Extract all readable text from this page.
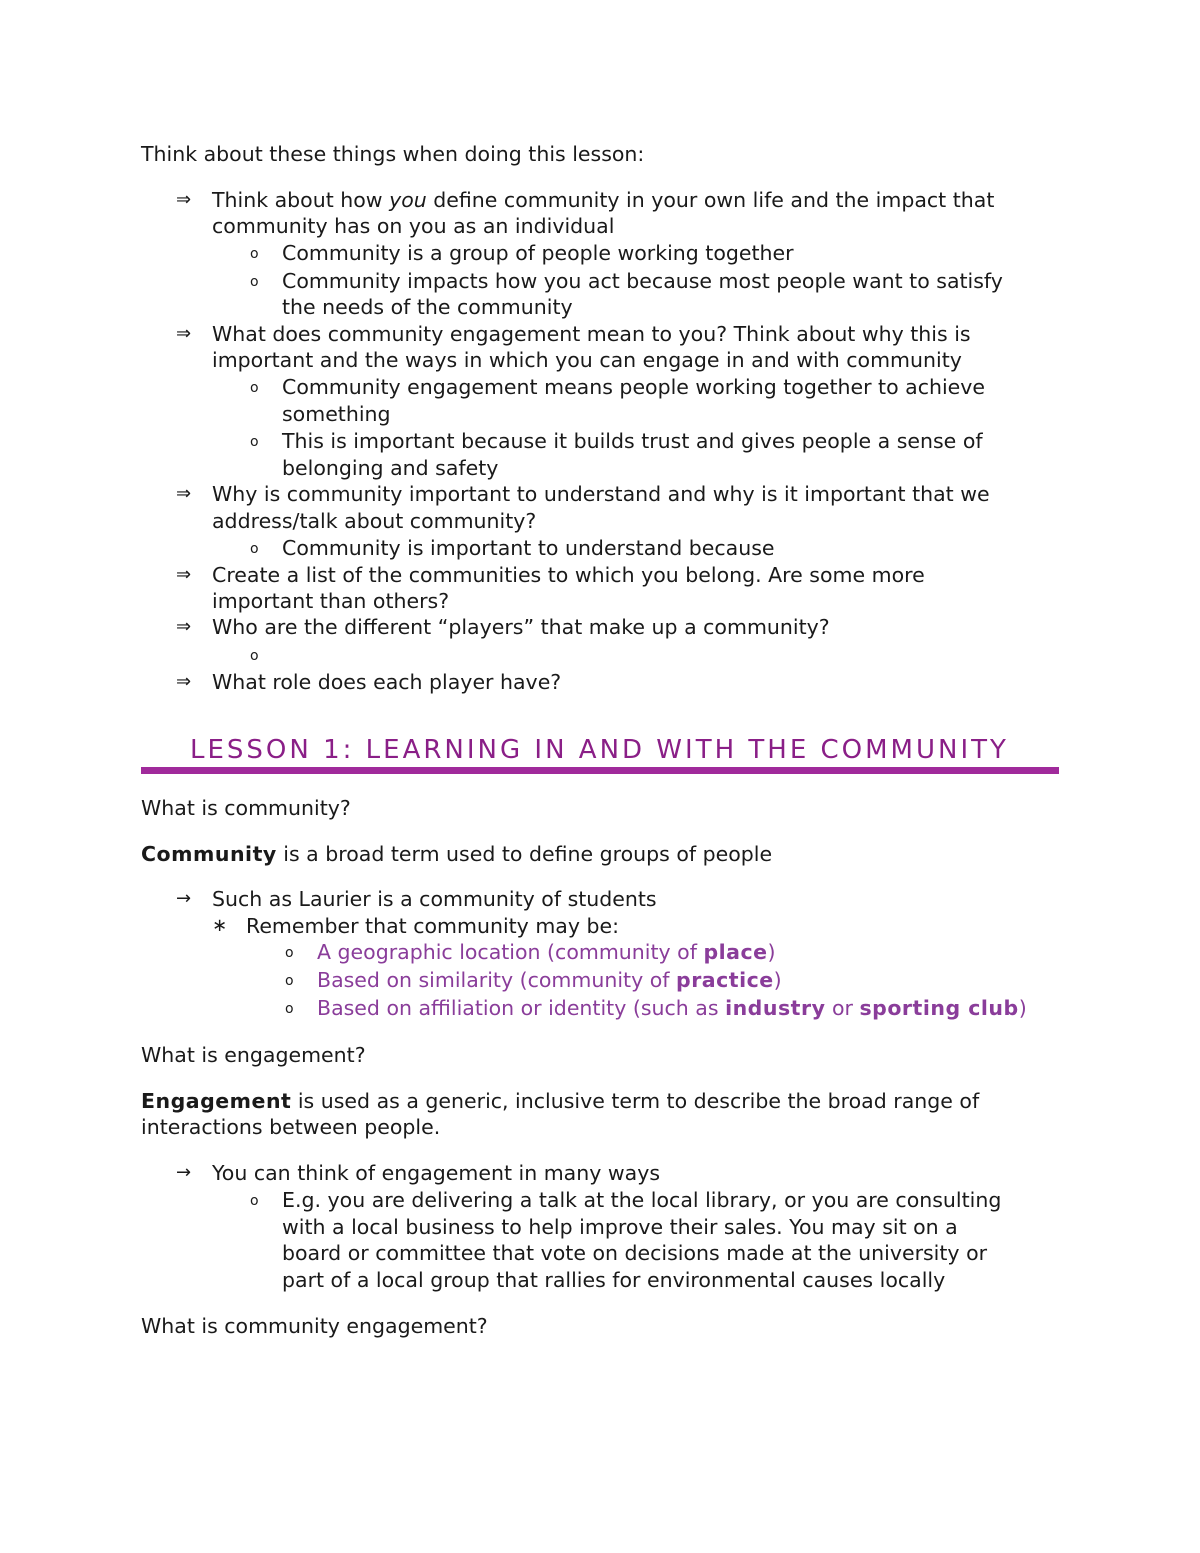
Think about these things when doing this lesson:
⇒ Think about how you define community in your own life and the impact that
community has on you as an individual
o Community is a group of people working together
o Community impacts how you act because most people want to satisfy
the needs of the community
⇒ What does community engagement mean to you? Think about why this is
important and the ways in which you can engage in and with community
o Community engagement means people working together to achieve
something
o This is important because it builds trust and gives people a sense of
belonging and safety
⇒ Why is community important to understand and why is it important that we
address/talk about community?
o Community is important to understand because
⇒ Create a list of the communities to which you belong. Are some more
important than others?
⇒ Who are the different “players” that make up a community?
o
⇒ What role does each player have?
LESSON 1: LEARNING IN AND WITH THE COMMUNITY
What is community?
Community is a broad term used to define groups of people
→ Such as Laurier is a community of students
∗ Remember that community may be:
o A geographic location (community of place)
o Based on similarity (community of practice)
o Based on affiliation or identity (such as industry or sporting club)
What is engagement?
Engagement is used as a generic, inclusive term to describe the broad range of
interactions between people.
→ You can think of engagement in many ways
o E.g. you are delivering a talk at the local library, or you are consulting
with a local business to help improve their sales. You may sit on a
board or committee that vote on decisions made at the university or
part of a local group that rallies for environmental causes locally
What is community engagement?
